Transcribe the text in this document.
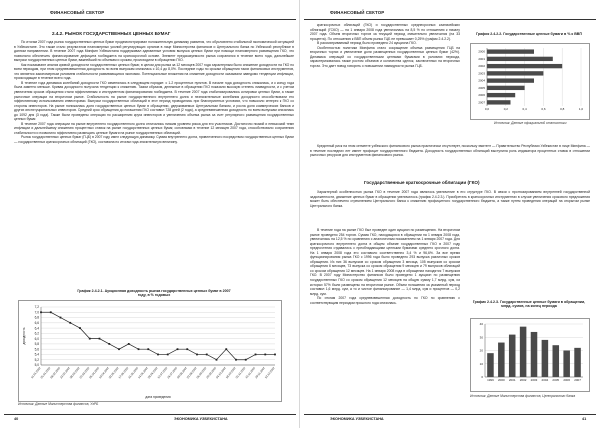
ФИНАНСОВЫЙ СЕКТОР
2.4.2. РЫНОК ГОСУДАРСТВЕННЫХ ЦЕННЫХ БУМАГ

По итогам 2007 года рынок государственных ценных бумаг продемонстрировал положительную динамику развития, что обусловлено стабильной экономической ситуацией в Узбекистане. Это также стало результатом планомерных усилий регулирующих органов в лице Министерства финансов и Центрального банка по Узбекской республике в данном направлении. В течение 2007 года Минфин Узбекистана поддерживал адекватные условия выпуска ценных бумаг при помощи планомерного размещения ГКО, что позволило обеспечить финансирование дефицита госбюджета на краткосрочной основе. Элемент предсказуемости рынка сохранялся в течение всего года, дальнейшие выпуски государственных ценных бумаг, важнейший по объемам и срокам, происходили в обращении ГКО.

Как показывают анализ кривой доходности государственных ценных бумаг, в целом для рынка за 12 месяцев 2007 года характерным было снижение доходности на ГКО по всем периодам, при этом средневзвешенная доходность по всем выпускам снизилась с 10,4 до 8,0%. Последние годы по срокам обращения таких финансовых инструментов, что является закономерным условием стабильности развивающихся экономик. Потенциальные вложения на снижение доходности оказывали заведомо тенденции инфляции, происходящие в течение всего года.

В течение года динамика колебаний доходности ГКО изменялась в следующем порядке: с 1-2 процентных пунктов. В начале года доходность снижалась, и к концу года была заметно меньше. Кривая доходности получила тенденции к снижению. Таким образом, денежные в обращении ГКО показали высокую степень ликвидности, и с учетом увеличения сроков обращения стали эффективным и инструментом финансирования госбюджета. В течение 2007 года стабилизировались котировки ценных бумаг, а также рыночные операции на вторичном рынке. Стабильность на рынке государственного внутреннего долга и незначительные колебания доходности способствовали его эффективному использованию инвесторами. Выпуски государственных облигаций в этот период проводились при благоприятных условиях, что повысило интерес к ГКО со стороны инвесторов. На рынке понижалась доля государственных ценных бумаг в обращении, удерживаемых Центральным банком, и росла доля коммерческих банков и других институциональных инвесторов. Средний срок обращения до погашения ГКО составил 728 дней (2 года), а средневзвешенная доходность по всем выпускам снизилась до 1092 дня (3 года). Также были проведены операции по расширению круга инвесторов и увеличению объема рынка за счет регулярного размещения государственных ценных бумаг.

В течение 2007 года операции на рынке внутреннего государственного долга отличались низким уровнем риска для его участников. Достаточно низкий и невысокий темп инфляции и дальнейшему снижению процентных ставок на рынке государственных ценных бумаг, основными в течение 12 месяцев 2007 года, способствовало сохранению стабильности и позволило эффективно размещать ценные бумаги на рынке государственных облигаций.

Рынок государственных ценных бумаг (ГЦБ) в 2007 году имел следующую динамику. Сумма внутреннего долга, привлеченного посредством государственных ценных бумаг — государственных краткосрочных облигаций (ГКО), составила по итогам года значительную величину.

График 2.4.2.1. Аукционная доходность рынка государственных ценных бумаг в 2007 году, в % годовых
5,0
5,2
5,4
5,6
5,8
6,0
6,2
6,4
6,6
6,8
7,0
7,2
доходность
11.01.2007
25.01.2007
08.02.2007
22.02.2007
08.03.2007
22.03.2007
05.04.2007
19.04.2007
03.05.2007
17.05.2007
31.05.2007
14.06.2007
28.06.2007
12.07.2007
26.07.2007
09.08.2007
23.08.2007
06.09.2007
20.09.2007
04.10.2007
18.10.2007
01.11.2007
15.11.2007
29.11.2007
13.12.2007
дата проведения
Источник: Данные Министерства финансов, УзРБ
40	ЭКОНОМИКА УЗБЕКИСТАНА
ФИНАНСОВЫЙ СЕКТОР

краткосрочных облигаций (ГКО) и государственных среднесрочных казначейских облигаций (ГСКО) — на 1 января 2008 года увеличилась на 8,5 % по отношению к началу 2007 года. Объем вторичных торгов за текущий период значительно увеличился (на 33 процента). По отношению к ВВП объем рынка ГЦБ не превышает 0,25% (график 2.4.2.2).

В рассматриваемый период было проведено 24 аукциона ГКО.

Особенностью политики Минфина стало сокращение объема размещения ГЦБ на вторичных торгах и увеличение доли размещенных государственных ценных бумаг (42%). Динамика операций со государственными ценными бумагами в условиях периода, характеризовалась также ростом объемов и количества сделок, заключенных на вторичных торгах. Это дает повод говорить о повышении ликвидности рынка ГЦБ.

График 2.4.2.2. Государственные ценные бумаги в % к ВВП
0,0	0,2	0,4	0,6	0,8	1,0
2000
2001
2002
2003
2004
2005
2006
2007
Источник: Данные официальной статистики

Кредитный риск на этом сегменте узбекского финансового рынка практически отсутствует, поскольку эмитент — Правительство Республики Узбекистан в лице Минфина — в течение последних лет имеет профицит государственного бюджета. Доходность государственных облигаций выступила роль индикатора процентных ставок в отношении рыночных ресурсов для инструментов финансового рынка.

Государственные краткосрочные облигации (ГКО)

Характерной особенностью рынка ГКО в течение 2007 года являлось увеличение в его структуре ГКО. В связи с прогнозированием внутренней государственной задолженности, движение ценных бумаг в обращении увеличилось (график 2.4.2.3.). Приобретать в краткосрочных инструментах в случае увеличения срокового предложения может быть обеспечено стремлением Центрального банка к снижению профицитного государственного бюджета, а также путем проведения операций на открытом рынке Центрального банка.

В течение года на рынке ГКО был проведен один аукцион по размещению. На вторичном рынке проведено 254 торгов. Сумма ГКО, находящихся в обращении на 1 января 2008 года, увеличилась на 12,5 % по сравнению с аналогичным показателем на 1 января 2007 года. Для краткосрочного внутреннего долга в общем объеме государственных ГКО в 2007 году предпочтения отдавались с преобладающими ценными бумагами среднего срочного долга. На 1 января 2008 года это составило соответственно 3,4 % и 96,6%. За все время функционирования рынка ГКО с 1996 года было проведено 293 выпуска различных сроков обращения. Из них 36 выпусков со сроком обращения 3 месяца, 105 выпусков со сроком обращения 6 месяцев, 73 выпуска со сроком обращения 9 месяцев и 79 выпусков облигаций со сроком обращения 12 месяцев. На 1 января 2008 года в обращении находятся 7 выпусков ГКО. В 2007 году Министерство финансов было проведено 1 аукцион по размещению государственных ГКО со сроком обращения 12 месяцев на общую сумму 1,7 млрд. сум, из которых 57% были размещены на вторичном рынке. Объем погашения за указанный период составил 1,6 млрд. сум, а то и чистое финансирование — 1,4 млрд. сум и процентов — 0,2 млрд. сум.

По итогам 2007 года средневзвешенная доходность по ГКО по сравнению с соответствующим периодом прошлого года снизилась.	График 2.4.2.3. Государственные ценные бумаги в обращении, млрд. сумов, на конец периода
0
10
20
30
40
1999 2000 2001 2002 2003 2004 2005 2006 2007
Источник: Данные Министерства финансов, Центрального банка
ЭКОНОМИКА УЗБЕКИСТАНА	41
